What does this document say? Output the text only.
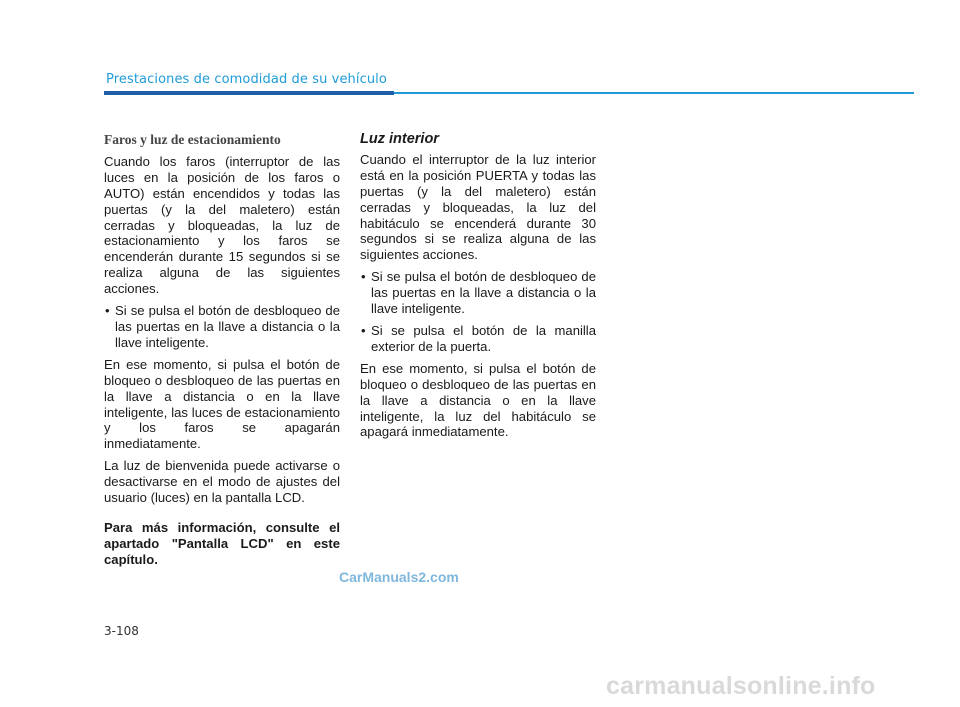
Prestaciones de comodidad de su vehículo
Faros y luz de estacionamiento

Cuando los faros (interruptor de las luces en la posición de los faros o AUTO) están encendidos y todas las puertas (y la del maletero) están cerradas y bloqueadas, la luz de estacionamiento y los faros se encenderán durante 15 segundos si se realiza alguna de las siguientes acciones.

• Si se pulsa el botón de desbloqueo de las puertas en la llave a distancia o la llave inteligente.

En ese momento, si pulsa el botón de bloqueo o desbloqueo de las puertas en la llave a distancia o en la llave inteligente, las luces de estacionamiento y los faros se apagarán inmediatamente.

La luz de bienvenida puede activarse o desactivarse en el modo de ajustes del usuario (luces) en la pantalla LCD.

Para más información, consulte el apartado "Pantalla LCD" en este capítulo.

Luz interior

Cuando el interruptor de la luz interior está en la posición PUERTA y todas las puertas (y la del maletero) están cerradas y bloqueadas, la luz del habitáculo se encenderá durante 30 segundos si se realiza alguna de las siguientes acciones.

• Si se pulsa el botón de desbloqueo de las puertas en la llave a distancia o la llave inteligente.
• Si se pulsa el botón de la manilla exterior de la puerta.

En ese momento, si pulsa el botón de bloqueo o desbloqueo de las puertas en la llave a distancia o en la llave inteligente, la luz del habitáculo se apagará inmediatamente.

CarManuals2.com
3-108
carmanualsonline.info
